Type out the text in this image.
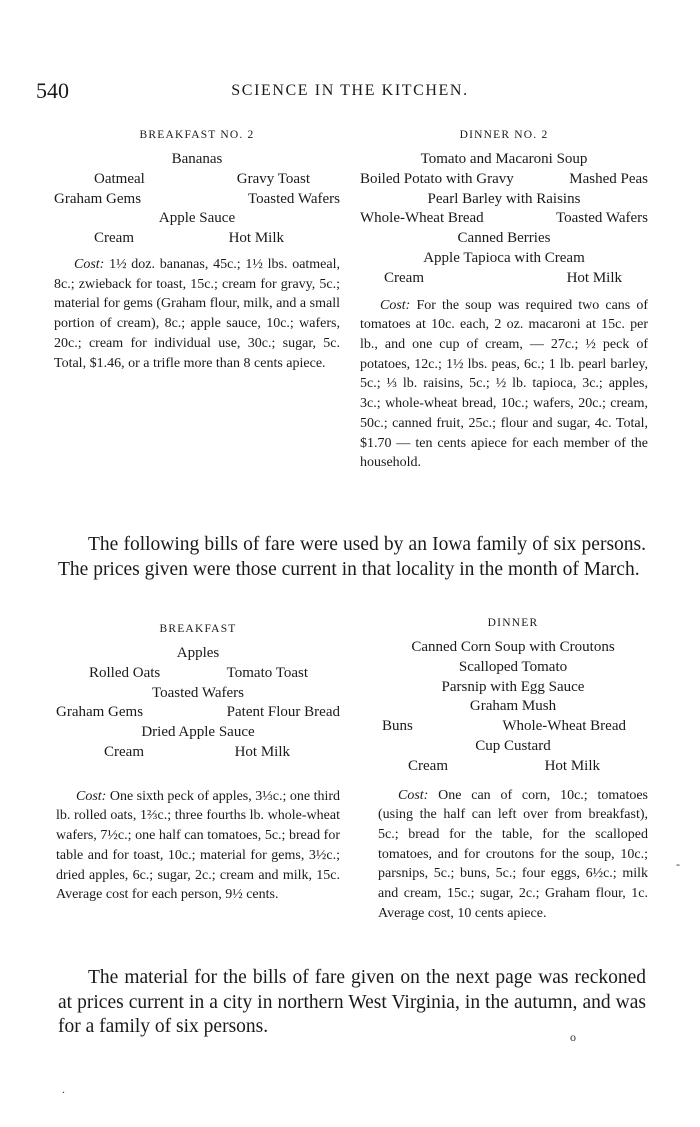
540	SCIENCE IN THE KITCHEN.
BREAKFAST NO. 2
Bananas
Oatmeal	Gravy Toast
Graham Gems	Toasted Wafers
Apple Sauce
Cream	Hot Milk

Cost: 1½ doz. bananas, 45c.; 1½ lbs. oatmeal, 8c.; zwieback for toast, 15c.; cream for gravy, 5c.; material for gems (Graham flour, milk, and a small portion of cream), 8c.; apple sauce, 10c.; wafers, 20c.; cream for individual use, 30c.; sugar, 5c. Total, $1.46, or a trifle more than 8 cents apiece.

DINNER NO. 2
Tomato and Macaroni Soup
Boiled Potato with Gravy	Mashed Peas
Pearl Barley with Raisins
Whole-Wheat Bread	Toasted Wafers
Canned Berries
Apple Tapioca with Cream
Cream	Hot Milk

Cost: For the soup was required two cans of tomatoes at 10c. each, 2 oz. macaroni at 15c. per lb., and one cup of cream, — 27c.; ½ peck of potatoes, 12c.; 1½ lbs. peas, 6c.; 1 lb. pearl barley, 5c.; ⅓ lb. raisins, 5c.; ½ lb. tapioca, 3c.; apples, 3c.; whole-wheat bread, 10c.; wafers, 20c.; cream, 50c.; canned fruit, 25c.; flour and sugar, 4c. Total, $1.70 — ten cents apiece for each member of the household.

The following bills of fare were used by an Iowa family of six persons. The prices given were those current in that locality in the month of March.

BREAKFAST
Apples
Rolled Oats	Tomato Toast
Toasted Wafers
Graham Gems	Patent Flour Bread
Dried Apple Sauce
Cream	Hot Milk

Cost: One sixth peck of apples, 3⅓c.; one third lb. rolled oats, 1⅔c.; three fourths lb. whole-wheat wafers, 7½c.; one half can tomatoes, 5c.; bread for table and for toast, 10c.; material for gems, 3½c.; dried apples, 6c.; sugar, 2c.; cream and milk, 15c. Average cost for each person, 9½ cents.

DINNER
Canned Corn Soup with Croutons
Scalloped Tomato
Parsnip with Egg Sauce
Graham Mush
Buns	Whole-Wheat Bread
Cup Custard
Cream	Hot Milk

Cost: One can of corn, 10c.; tomatoes (using the half can left over from breakfast), 5c.; bread for the table, for the scalloped tomatoes, and for croutons for the soup, 10c.; parsnips, 5c.; buns, 5c.; four eggs, 6½c.; milk and cream, 15c.; sugar, 2c.; Graham flour, 1c. Average cost, 10 cents apiece.

The material for the bills of fare given on the next page was reckoned at prices current in a city in northern West Virginia, in the autumn, and was for a family of six persons.	o
.
-
